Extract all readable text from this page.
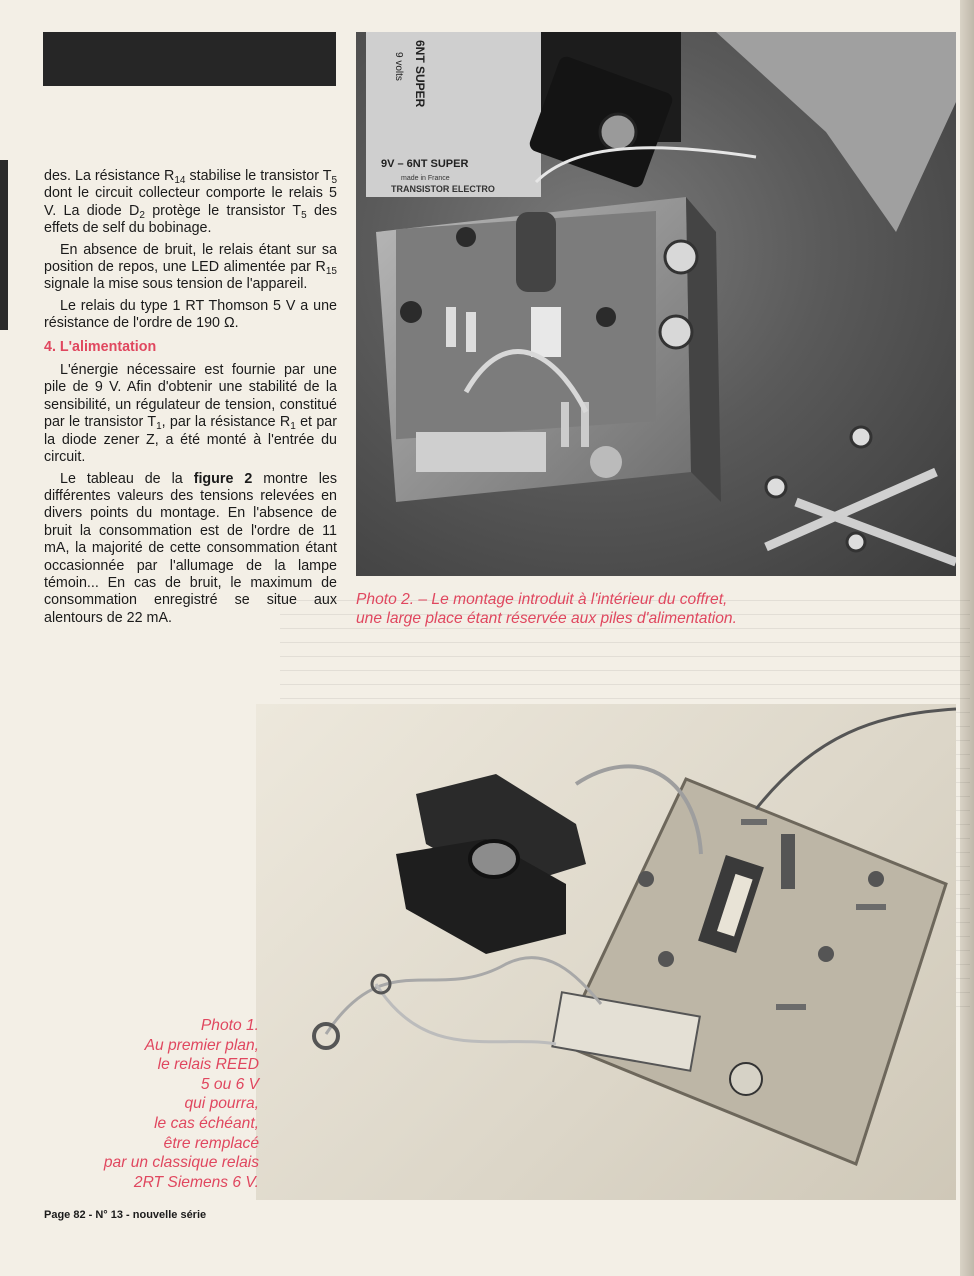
des. La résistance $R_{14}$ stabilise le transistor $T_5$ dont le circuit collecteur comporte le relais 5 V. La diode $D_2$ protège le transistor $T_5$ des effets de self du bobinage.

En absence de bruit, le relais étant sur sa position de repos, une LED alimentée par $R_{15}$ signale la mise sous tension de l'appareil.

Le relais du type 1 RT Thomson 5 V a une résistance de l'ordre de 190 Ω.

4. L'alimentation

L'énergie nécessaire est fournie par une pile de 9 V. Afin d'obtenir une stabilité de la sensibilité, un régulateur de tension, constitué par le transistor $T_1$, par la résistance $R_1$ et par la diode zener Z, a été monté à l'entrée du circuit.

Le tableau de la figure 2 montre les différentes valeurs des tensions relevées en divers points du montage. En l'absence de bruit la consommation est de l'ordre de 11 mA, la majorité de cette consommation étant occasionnée par l'allumage de la lampe témoin... En cas de bruit, le maximum de consommation enregistré se situe aux alentours de 22 mA.

9V – 6NT SUPER
made in France
TRANSISTOR ELECTRO
6NT SUPER
9 volts
Photo 2. – Le montage introduit à l'intérieur du coffret,
une large place étant réservée aux piles d'alimentation.
Photo 1.
Au premier plan,
le relais REED
5 ou 6 V
qui pourra,
le cas échéant,
être remplacé
par un classique relais
2RT Siemens 6 V.
Page 82 - N° 13 - nouvelle série
